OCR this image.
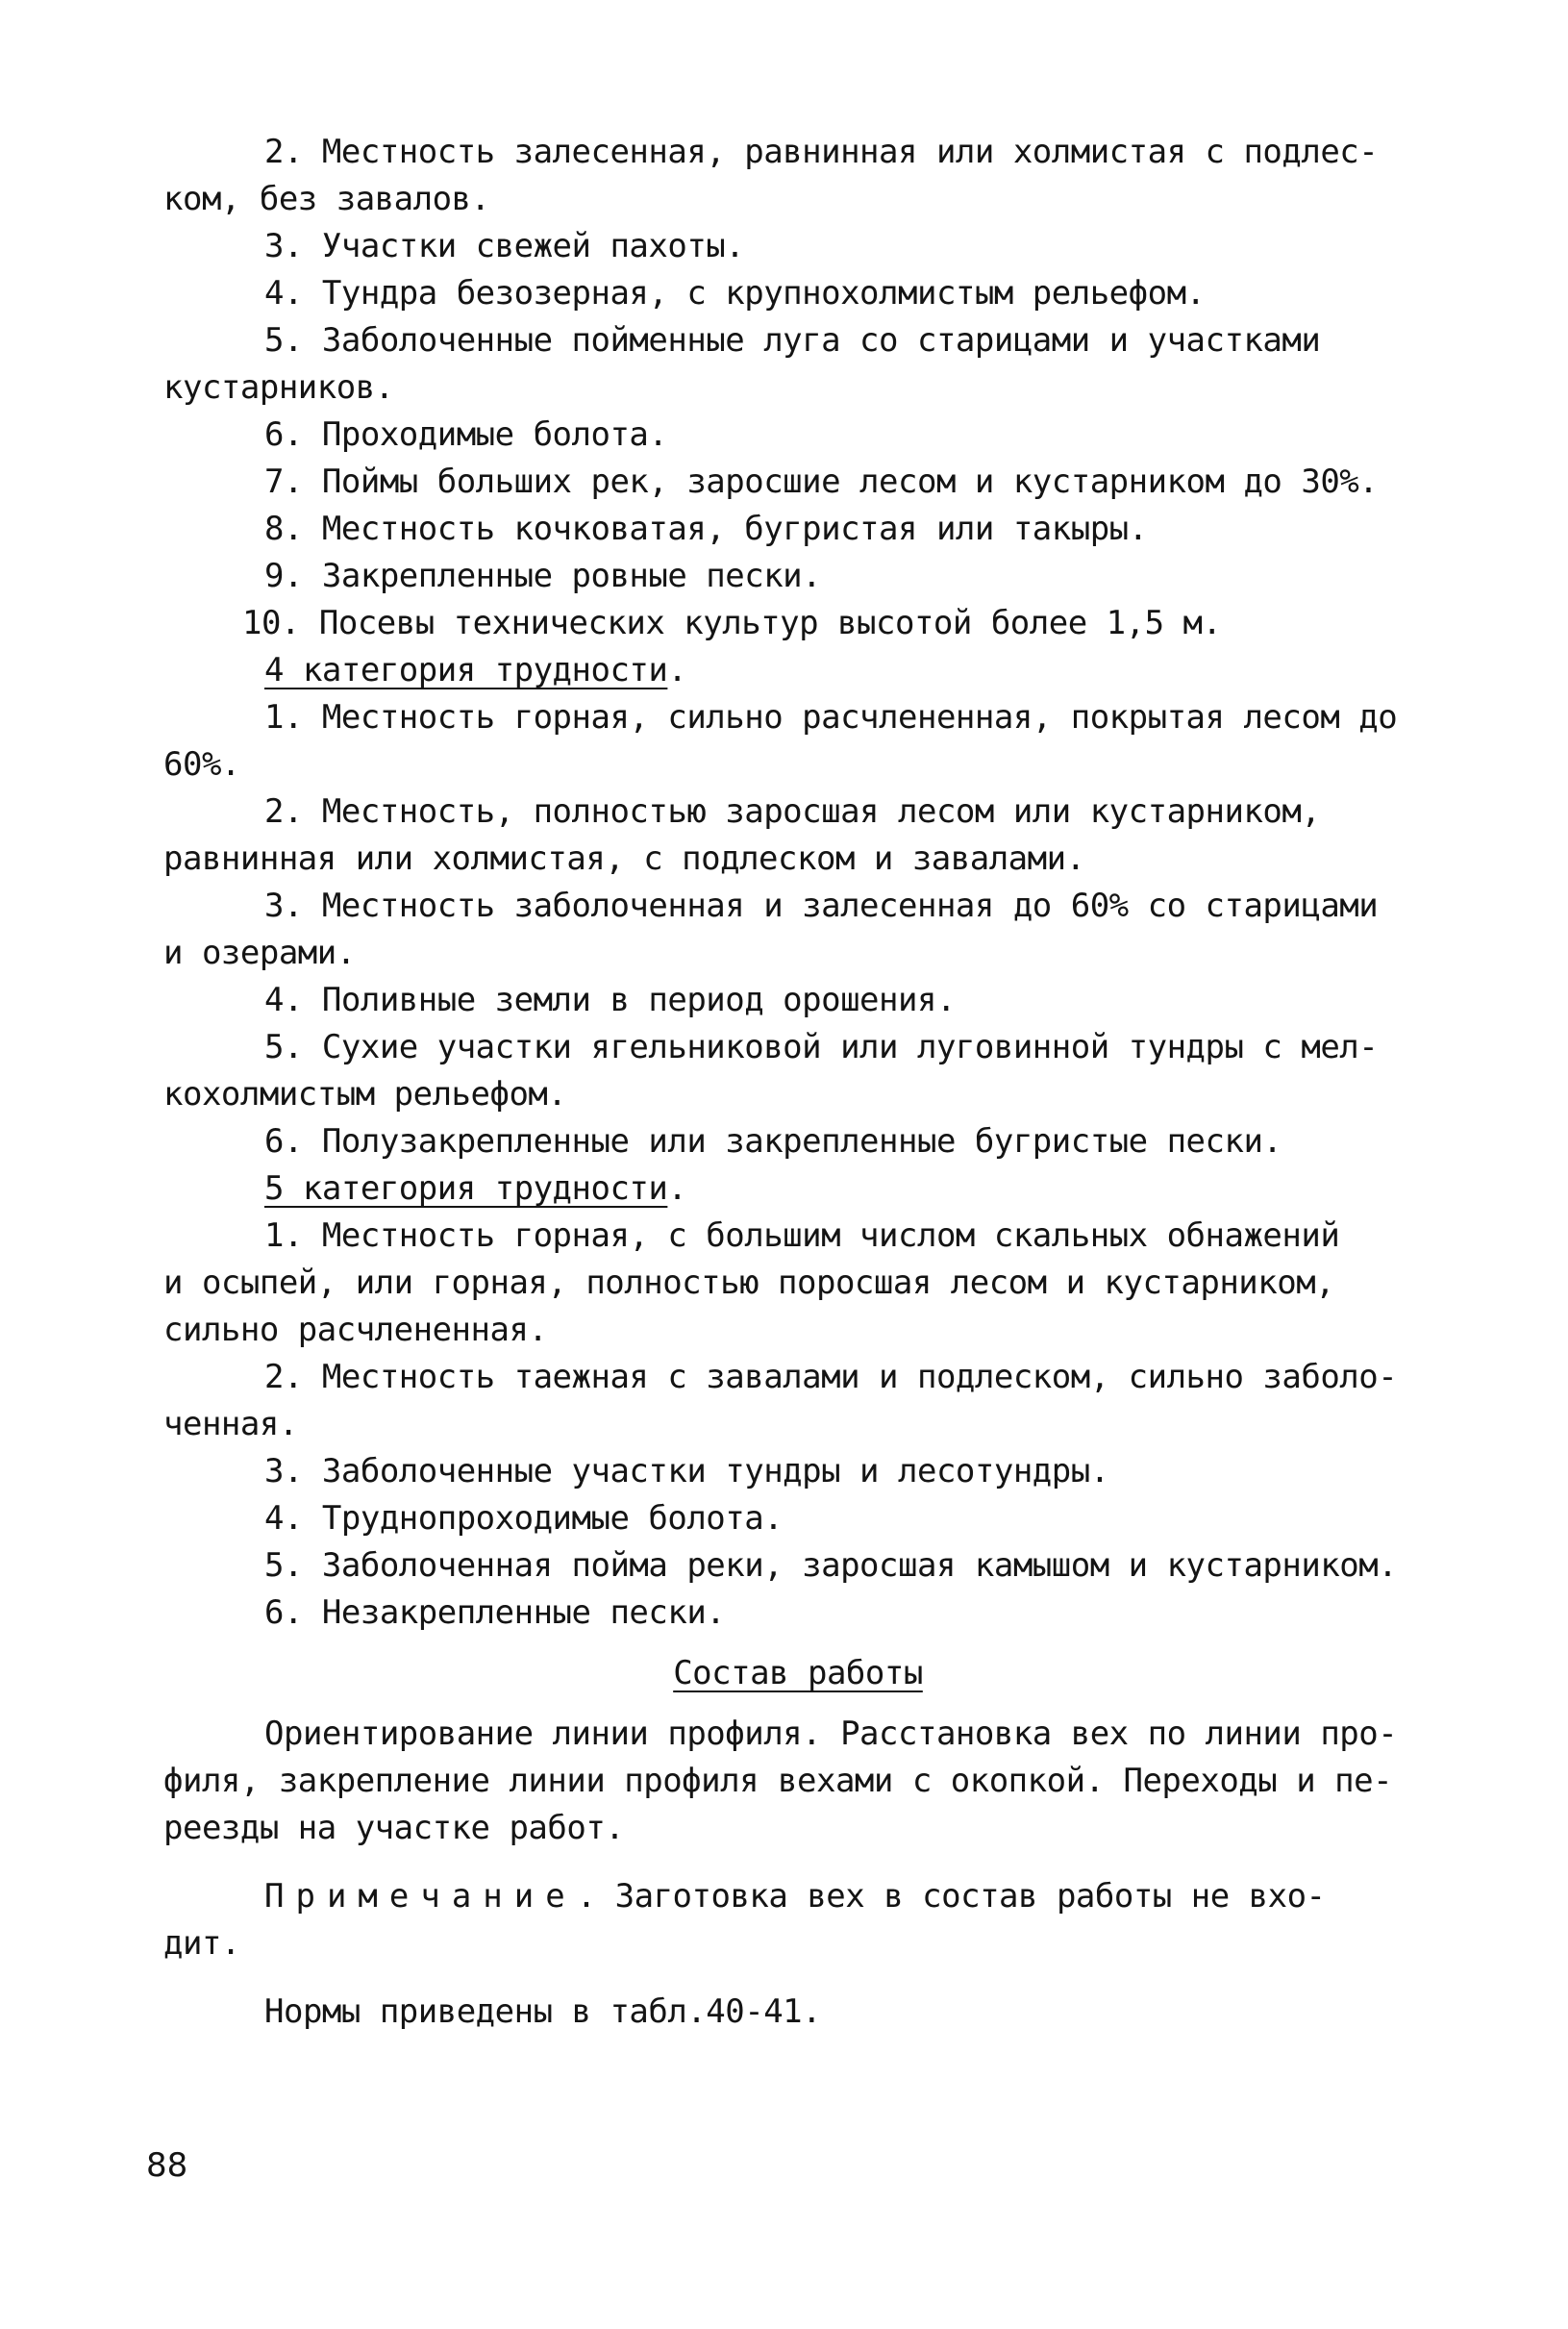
2. Местность залесенная, равнинная или холмистая с подлес-
ком, без завалов.
3. Участки свежей пахоты.
4. Тундра безозерная, с крупнохолмистым рельефом.
5. Заболоченные пойменные луга со старицами и участками
кустарников.
6. Проходимые болота.
7. Поймы больших рек, заросшие лесом и кустарником до 30%.
8. Местность кочковатая, бугристая или такыры.
9. Закрепленные ровные пески.
10. Посевы технических культур высотой более 1,5 м.
4 категория трудности.
1. Местность горная, сильно расчлененная, покрытая лесом до
60%.
2. Местность, полностью заросшая лесом или кустарником,
равнинная или холмистая, с подлеском и завалами.
3. Местность заболоченная и залесенная до 60% со старицами
и озерами.
4. Поливные земли в период орошения.
5. Сухие участки ягельниковой или луговинной тундры с мел-
кохолмистым рельефом.
6. Полузакрепленные или закрепленные бугристые пески.
5 категория трудности.
1. Местность горная, с большим числом скальных обнажений
и осыпей, или горная, полностью поросшая лесом и кустарником,
сильно расчлененная.
2. Местность таежная с завалами и подлеском, сильно заболо-
ченная.
3. Заболоченные участки тундры и лесотундры.
4. Труднопроходимые болота.
5. Заболоченная пойма реки, заросшая камышом и кустарником.
6. Незакрепленные пески.
Состав работы
Ориентирование линии профиля. Расстановка вех по линии про-
филя, закрепление линии профиля вехами с окопкой. Переходы и пе-
реезды на участке работ.
Примечание. Заготовка вех в состав работы не вхо-
дит.
Нормы приведены в табл.40-41.
88
